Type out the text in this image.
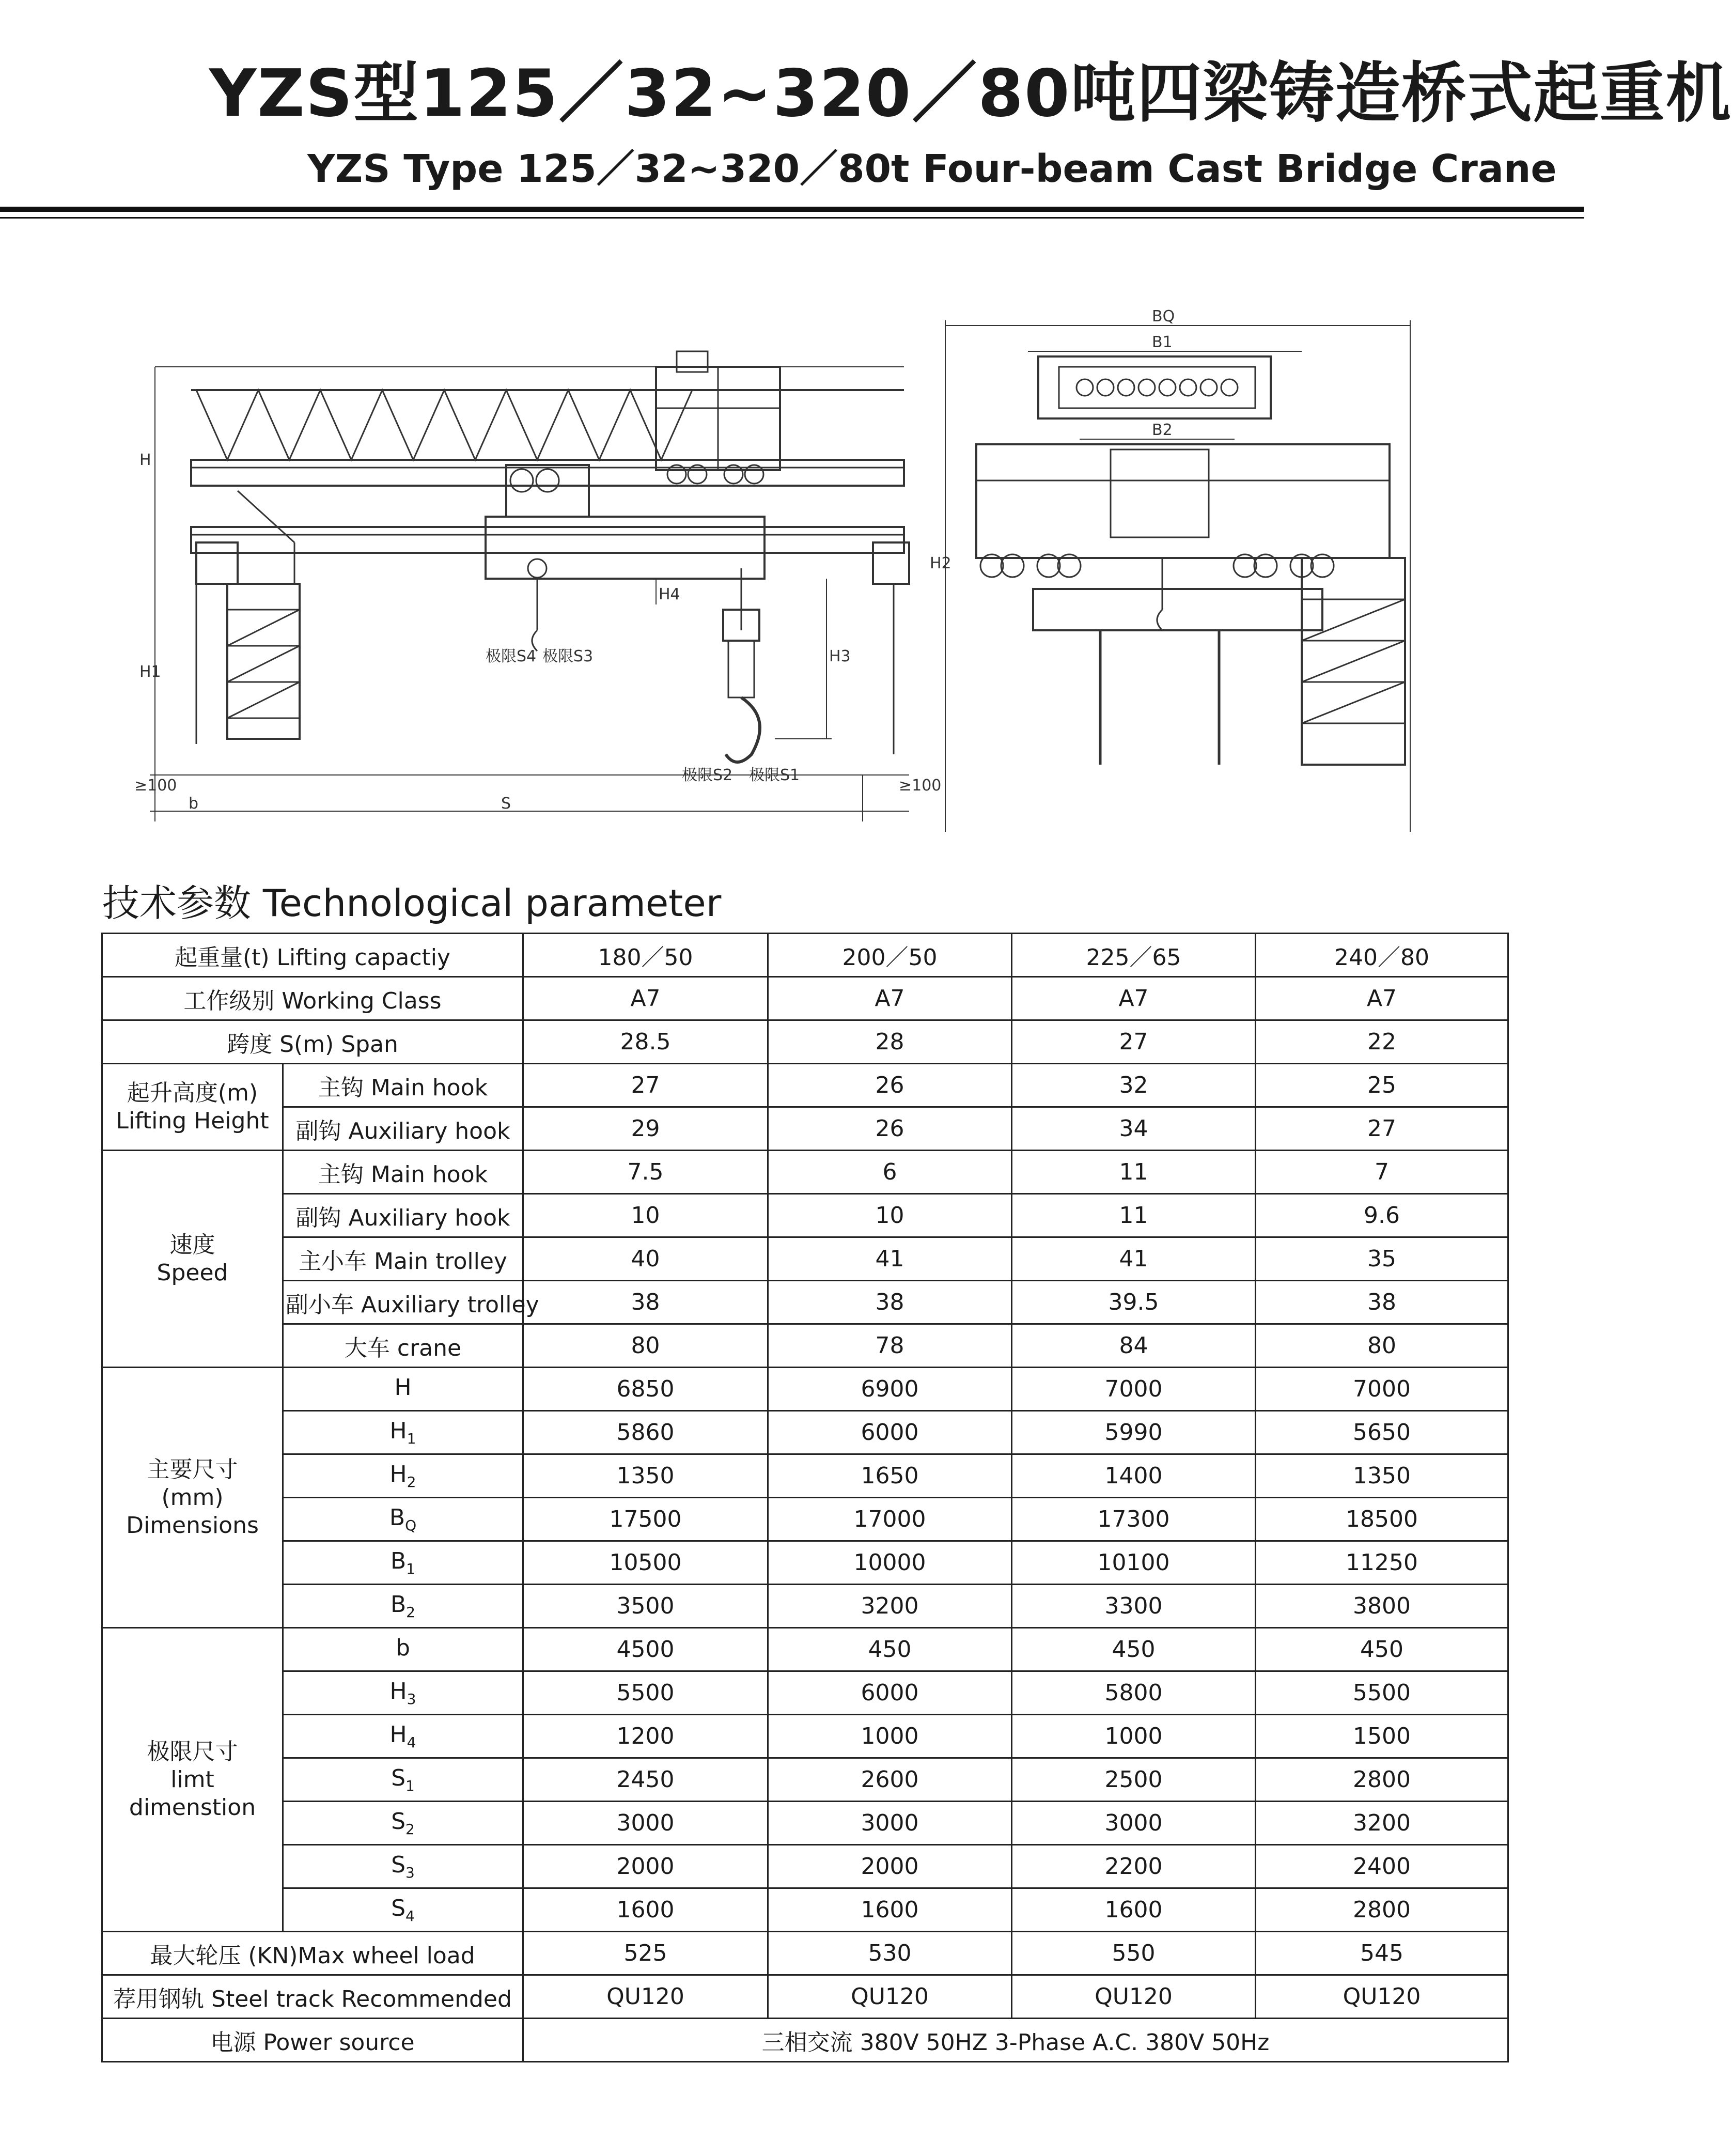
YZS型125／32~320／80吨四梁铸造桥式起重机
YZS Type 125／32~320／80t Four-beam Cast Bridge Crane
H
H1
H3
H4
S
b
≥100	≥100
极限 S4 极限 S3
极限 S2 极限 S1
BQ
B1
B2
H2
技术参数 Technological parameter
起重量(t) Lifting capactiy		180／50	200／50	225／65	240／80
工作级别 Working Class		A7	A7	A7	A7
跨度 S(m) Span		28.5	28	27	22

起升高度(m)
Lifting Height	主钩 Main hook	27	26	32	25
	副钩 Auxiliary hook	29	26	34	27

速度
Speed	主钩 Main hook	7.5	6	11	7
	副钩 Auxiliary hook	10	10	11	9.6
	主小车 Main trolley	40	41	41	35
	副小车 Auxiliary trolley	38	38	39.5	38
	大车 crane	80	78	84	80

主要尺寸
(mm)
Dimensions	H	6850	6900	7000	7000
	$H_1$	5860	6000	5990	5650
	$H_2$	1350	1650	1400	1350
	$B_Q$	17500	17000	17300	18500
	$B_1$	10500	10000	10100	11250
	$B_2$	3500	3200	3300	3800

极限尺寸
limt
dimenstion	b	4500	450	450	450
	$H_3$	5500	6000	5800	5500
	$H_4$	1200	1000	1000	1500
	$S_1$	2450	2600	2500	2800
	$S_2$	3000	3000	3000	3200
	$S_3$	2000	2000	2200	2400
	$S_4$	1600	1600	1600	2800
最大轮压 (KN)Max wheel load		525	530	550	545
荐用钢轨 Steel track Recommended		QU120	QU120	QU120	QU120
电源 Power source		三相交流 380V 50HZ 3-Phase A.C. 380V 50Hz			
